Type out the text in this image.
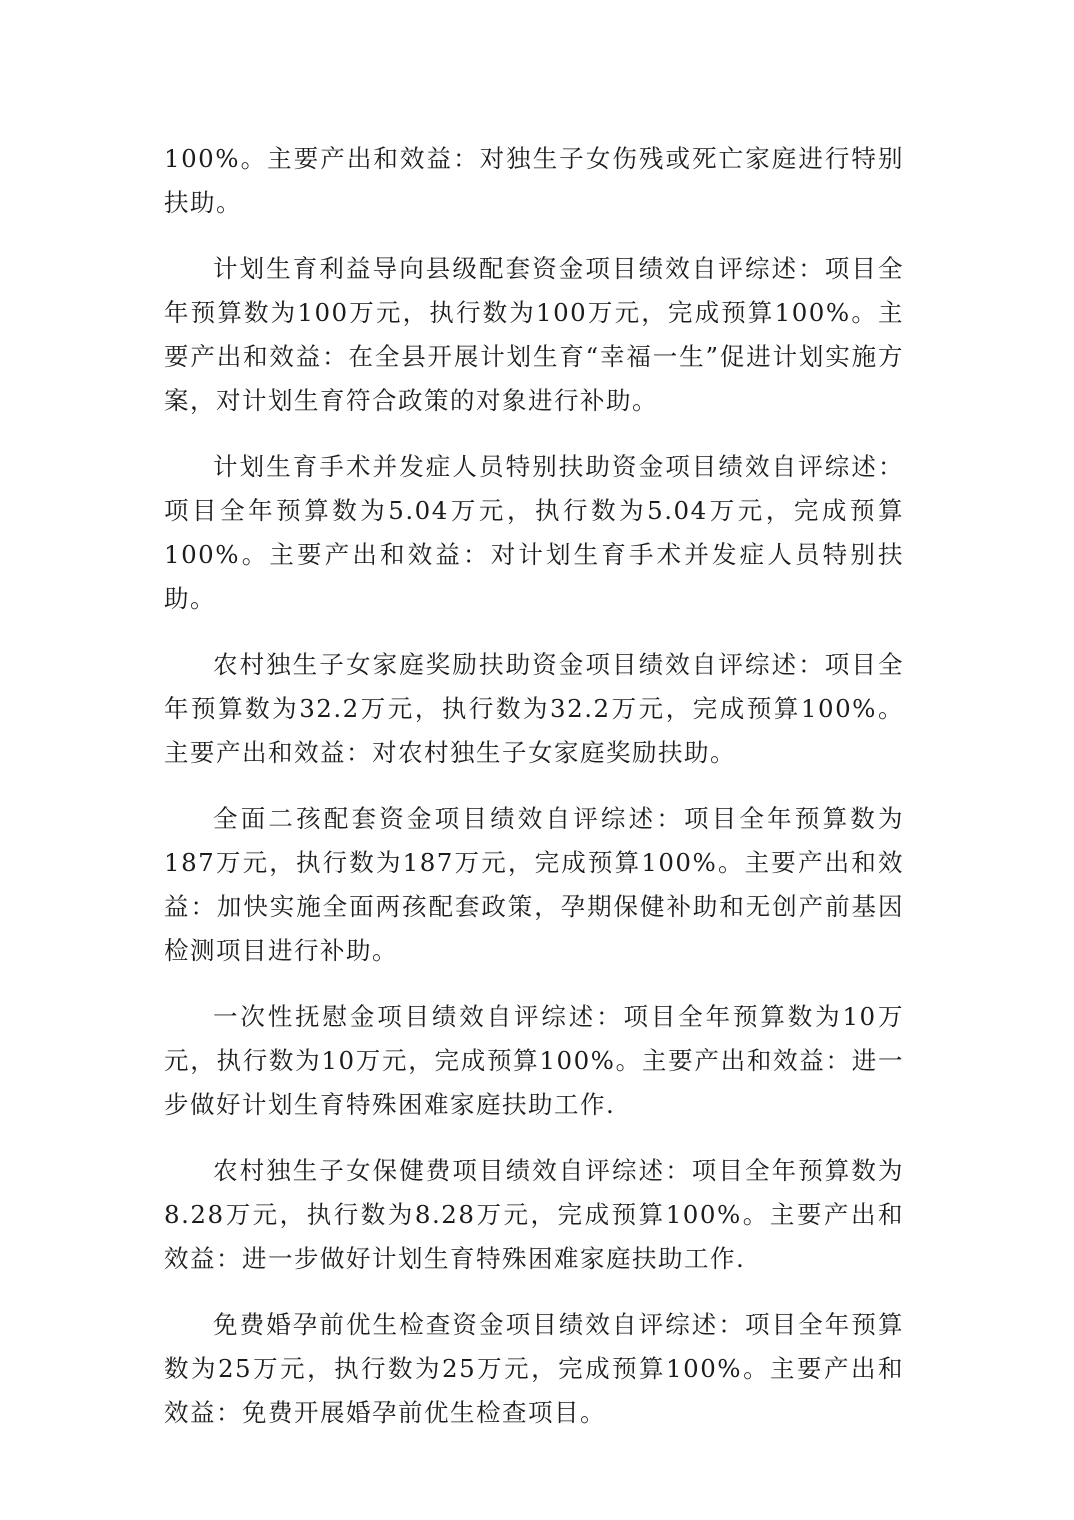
100%。主要产出和效益：对独生子女伤残或死亡家庭进行特别扶助。

计划生育利益导向县级配套资金项目绩效自评综述：项目全年预算数为100万元，执行数为100万元，完成预算100%。主要产出和效益：在全县开展计划生育“幸福一生”促进计划实施方案，对计划生育符合政策的对象进行补助。

计划生育手术并发症人员特别扶助资金项目绩效自评综述：项目全年预算数为5.04万元，执行数为5.04万元，完成预算100%。主要产出和效益：对计划生育手术并发症人员特别扶助。

农村独生子女家庭奖励扶助资金项目绩效自评综述：项目全年预算数为32.2万元，执行数为32.2万元，完成预算100%。主要产出和效益：对农村独生子女家庭奖励扶助。

全面二孩配套资金项目绩效自评综述：项目全年预算数为187万元，执行数为187万元，完成预算100%。主要产出和效益：加快实施全面两孩配套政策，孕期保健补助和无创产前基因检测项目进行补助。

一次性抚慰金项目绩效自评综述：项目全年预算数为10万元，执行数为10万元，完成预算100%。主要产出和效益：进一步做好计划生育特殊困难家庭扶助工作.

农村独生子女保健费项目绩效自评综述：项目全年预算数为8.28万元，执行数为8.28万元，完成预算100%。主要产出和效益：进一步做好计划生育特殊困难家庭扶助工作.

免费婚孕前优生检查资金项目绩效自评综述：项目全年预算数为25万元，执行数为25万元，完成预算100%。主要产出和效益：免费开展婚孕前优生检查项目。
